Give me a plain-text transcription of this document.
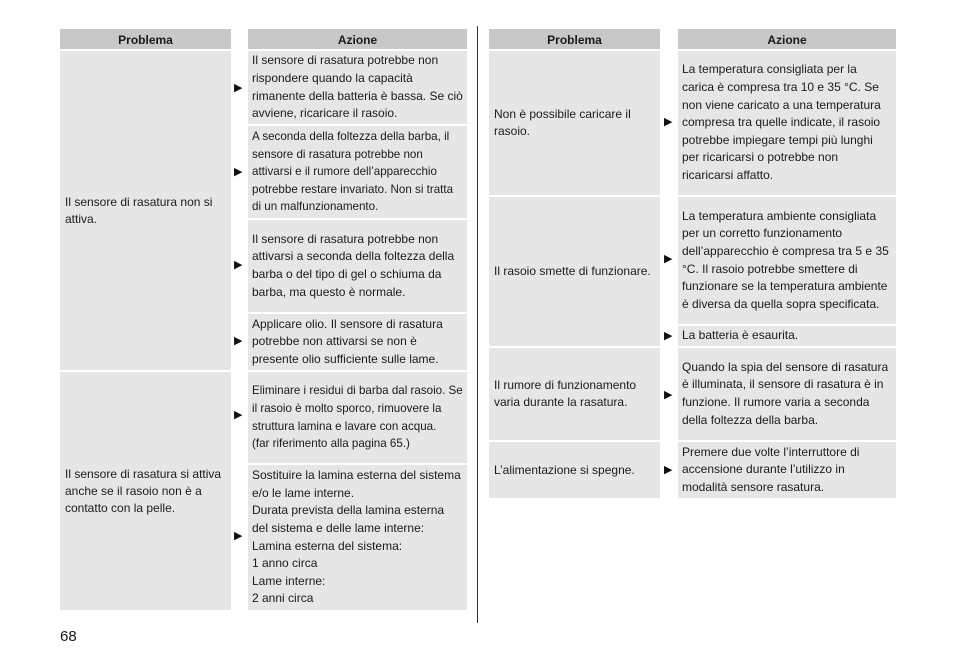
Problema	Azione
Il sensore di rasatura non si attiva.
▶
Il sensore di rasatura potrebbe non rispondere quando la capacità rimanente della batteria è bassa. Se ciò avviene, ricaricare il rasoio.
▶
A seconda della foltezza della barba, il sensore di rasatura potrebbe non attivarsi e il rumore dell’apparecchio potrebbe restare invariato. Non si tratta di un malfunzionamento.
▶
Il sensore di rasatura potrebbe non attivarsi a seconda della foltezza della barba o del tipo di gel o schiuma da barba, ma questo è normale.
▶
Applicare olio. Il sensore di rasatura potrebbe non attivarsi se non è presente olio sufficiente sulle lame.
Il sensore di rasatura si attiva anche se il rasoio non è a contatto con la pelle.
▶
Eliminare i residui di barba dal rasoio. Se il rasoio è molto sporco, rimuovere la struttura lamina e lavare con acqua.
(far riferimento alla pagina 65.)
▶
Sostituire la lamina esterna del sistema e/o le lame interne.
Durata prevista della lamina esterna del sistema e delle lame interne:
Lamina esterna del sistema:
1 anno circa
Lame interne:
2 anni circa
Problema	Azione
Non è possibile caricare il rasoio.
▶
La temperatura consigliata per la carica è compresa tra 10 e 35 °C. Se non viene caricato a una temperatura compresa tra quelle indicate, il rasoio potrebbe impiegare tempi più lunghi per ricaricarsi o potrebbe non ricaricarsi affatto.
Il rasoio smette di funzionare.
▶
La temperatura ambiente consigliata per un corretto funzionamento dell’apparecchio è compresa tra 5 e 35 °C. Il rasoio potrebbe smettere di funzionare se la temperatura ambiente è diversa da quella sopra specificata.
▶ La batteria è esaurita.
Il rumore di funzionamento varia durante la rasatura.	▶
Quando la spia del sensore di rasatura è illuminata, il sensore di rasatura è in funzione. Il rumore varia a seconda della foltezza della barba.
L’alimentazione si spegne.	▶
Premere due volte l’interruttore di accensione durante l’utilizzo in modalità sensore rasatura.
68
